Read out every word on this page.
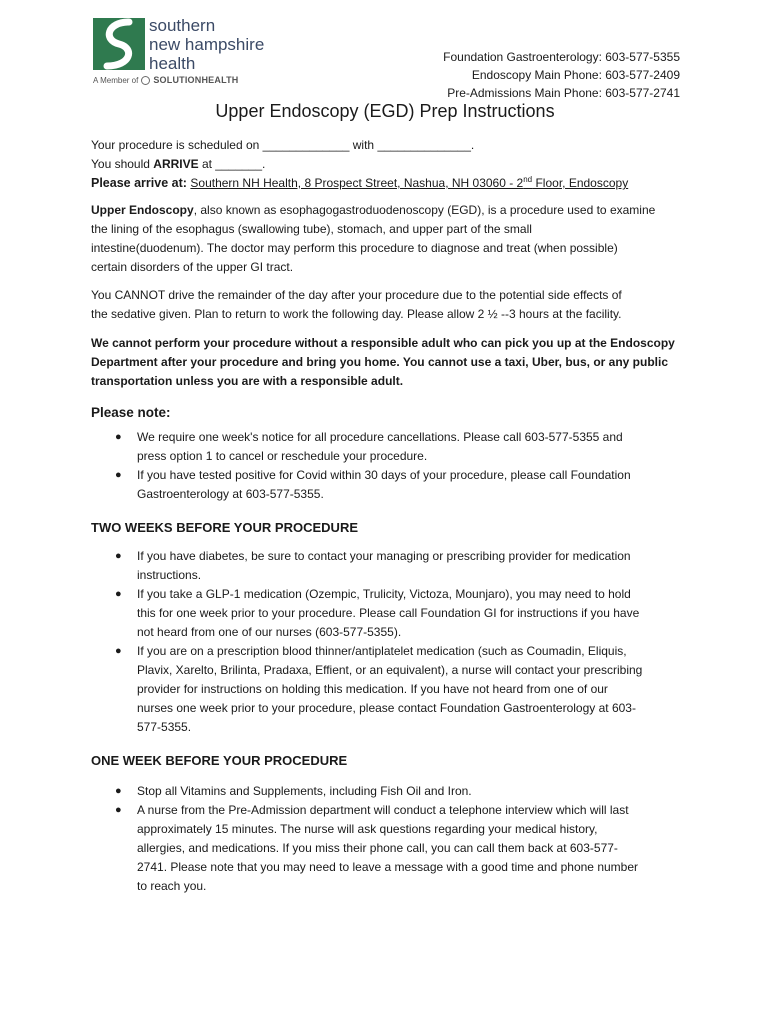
southern
new hampshire
health
A Member of SOLUTIONHEALTH
Foundation Gastroenterology: 603-577-5355
Endoscopy Main Phone: 603-577-2409
Pre-Admissions Main Phone: 603-577-2741
Upper Endoscopy (EGD) Prep Instructions
Your procedure is scheduled on _____________ with ______________.
You should ARRIVE at _______.
Please arrive at: Southern NH Health, 8 Prospect Street, Nashua, NH 03060 - 2nd Floor, Endoscopy

Upper Endoscopy, also known as esophagogastroduodenoscopy (EGD), is a procedure used to examine
the lining of the esophagus (swallowing tube), stomach, and upper part of the small
intestine(duodenum). The doctor may perform this procedure to diagnose and treat (when possible)
certain disorders of the upper GI tract.

You CANNOT drive the remainder of the day after your procedure due to the potential side effects of
the sedative given. Plan to return to work the following day. Please allow 2 ½ --3 hours at the facility.

We cannot perform your procedure without a responsible adult who can pick you up at the Endoscopy
Department after your procedure and bring you home. You cannot use a taxi, Uber, bus, or any public
transportation unless you are with a responsible adult.

Please note:
● We require one week's notice for all procedure cancellations. Please call 603-577-5355 and
press option 1 to cancel or reschedule your procedure.
● If you have tested positive for Covid within 30 days of your procedure, please call Foundation
Gastroenterology at 603-577-5355.
TWO WEEKS BEFORE YOUR PROCEDURE
● If you have diabetes, be sure to contact your managing or prescribing provider for medication
instructions.
● If you take a GLP-1 medication (Ozempic, Trulicity, Victoza, Mounjaro), you may need to hold
this for one week prior to your procedure. Please call Foundation GI for instructions if you have
not heard from one of our nurses (603-577-5355).
● If you are on a prescription blood thinner/antiplatelet medication (such as Coumadin, Eliquis,
Plavix, Xarelto, Brilinta, Pradaxa, Effient, or an equivalent), a nurse will contact your prescribing
provider for instructions on holding this medication. If you have not heard from one of our
nurses one week prior to your procedure, please contact Foundation Gastroenterology at 603-
577-5355.
ONE WEEK BEFORE YOUR PROCEDURE
● Stop all Vitamins and Supplements, including Fish Oil and Iron.
● A nurse from the Pre-Admission department will conduct a telephone interview which will last
approximately 15 minutes. The nurse will ask questions regarding your medical history,
allergies, and medications. If you miss their phone call, you can call them back at 603-577-
2741. Please note that you may need to leave a message with a good time and phone number
to reach you.
